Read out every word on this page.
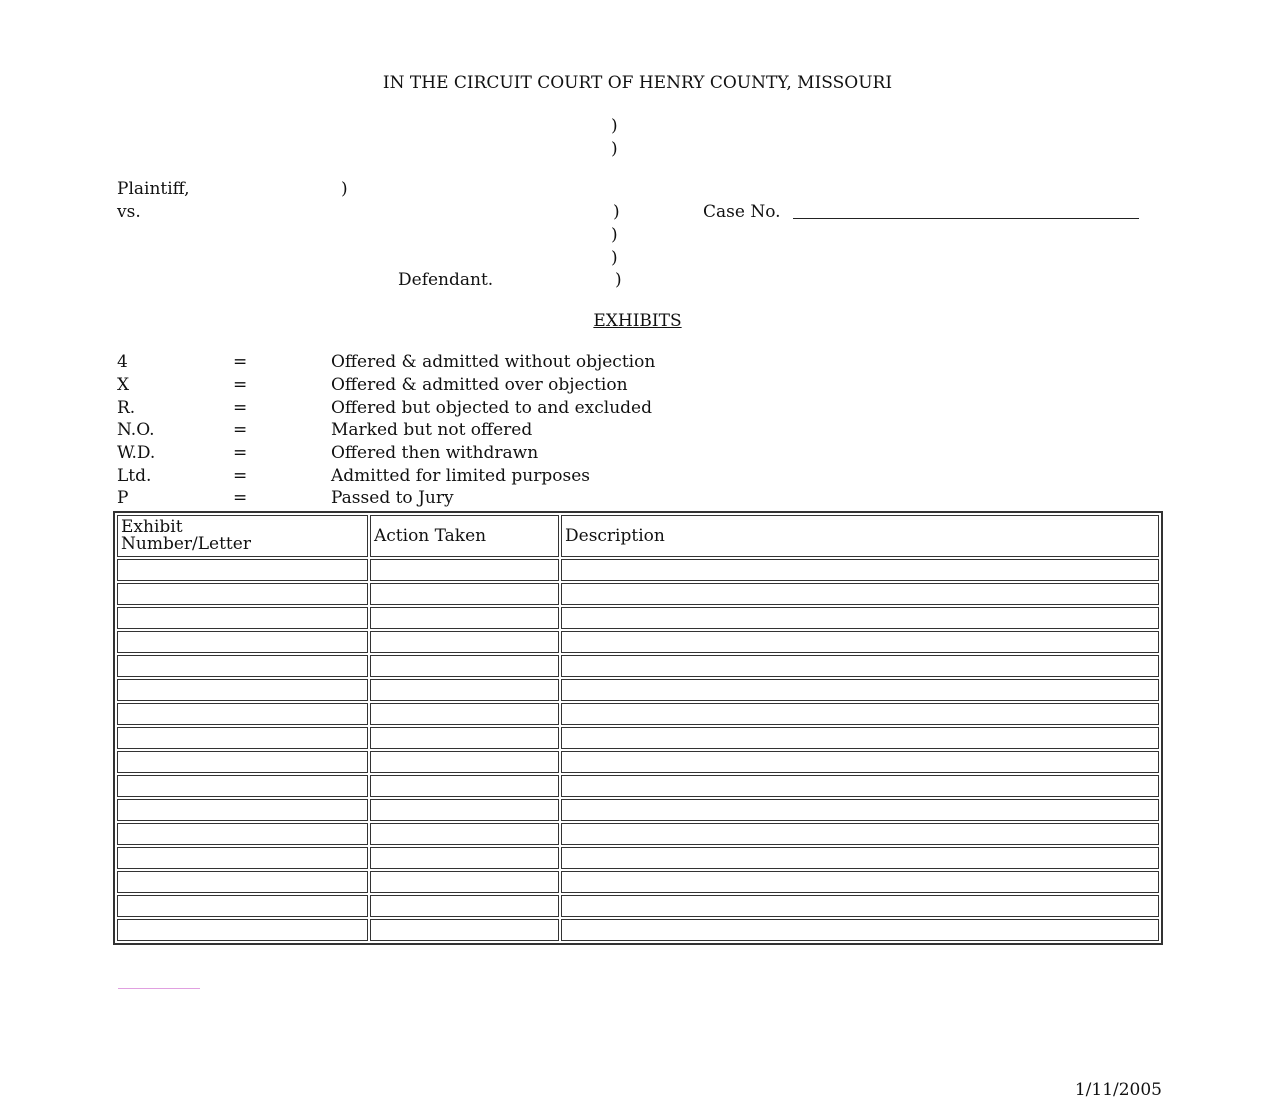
IN THE CIRCUIT COURT OF HENRY COUNTY, MISSOURI
)
)
Plaintiff,	)
vs.	)	Case No.
)
)
Defendant.	)
EXHIBITS
4	=	Offered & admitted without objection
X	=	Offered & admitted over objection
R.	=	Offered but objected to and excluded
N.O.	=	Marked but not offered
W.D.	=	Offered then withdrawn
Ltd.	=	Admitted for limited purposes
P	=	Passed to Jury
Exhibit
Number/Letter	Action Taken	Description

1/11/2005
